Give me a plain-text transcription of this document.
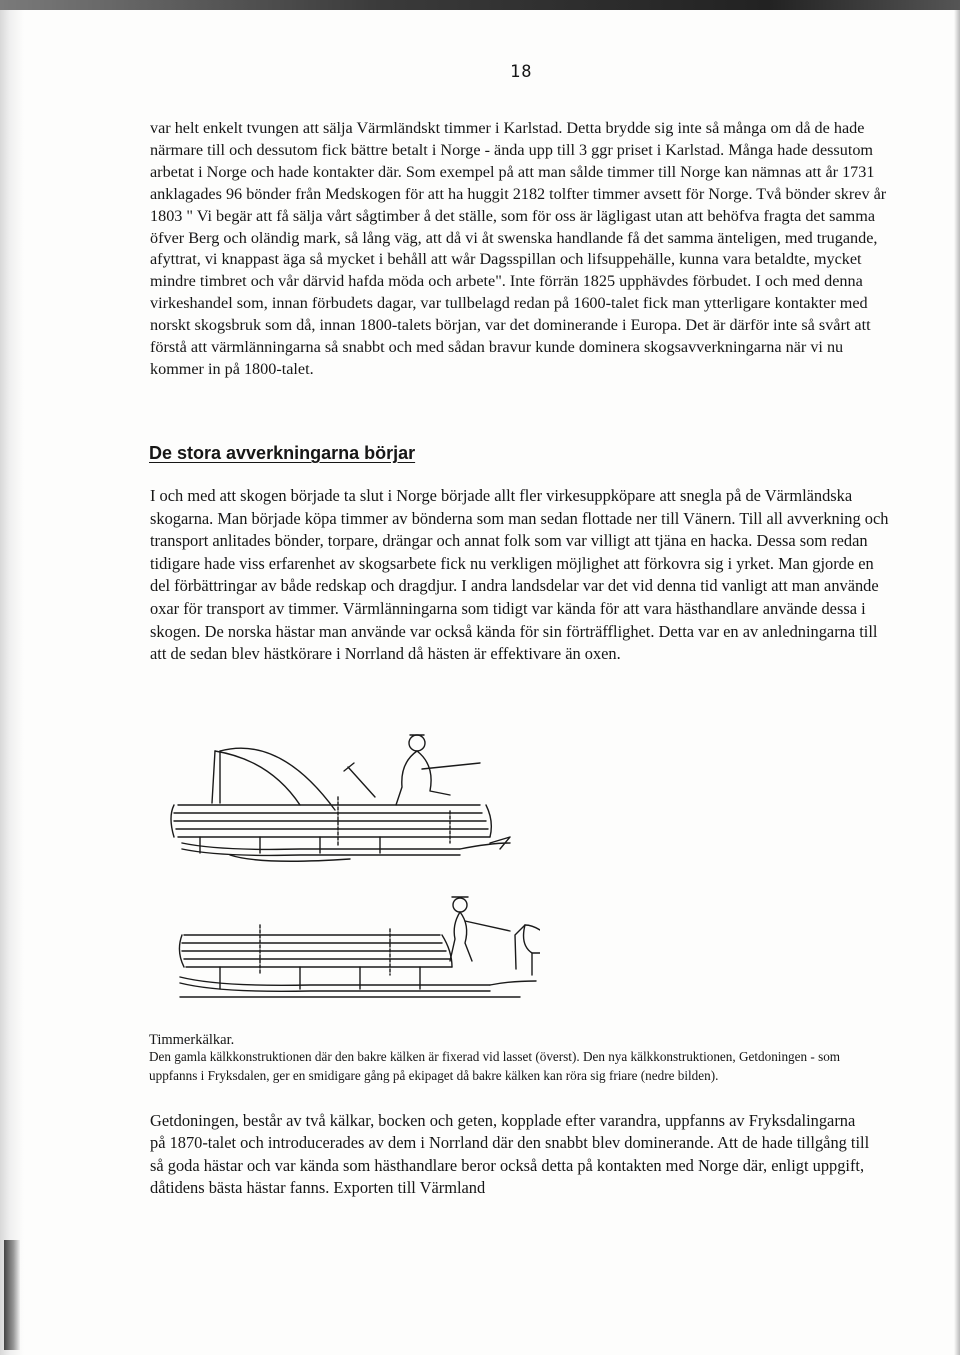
18

var helt enkelt tvungen att sälja Värmländskt timmer i Karlstad. Detta brydde sig inte så många om då de hade närmare till och dessutom fick bättre betalt i Norge - ända upp till 3 ggr priset i Karlstad. Många hade dessutom arbetat i Norge och hade kontakter där. Som exempel på att man sålde timmer till Norge kan nämnas att år 1731 anklagades 96 bönder från Medskogen för att ha huggit 2182 tolfter timmer avsett för Norge. Två bönder skrev år 1803 " Vi begär att få sälja vårt sågtimber å det ställe, som för oss är lägligast utan att behöfva fragta det samma öfver Berg och oländig mark, så lång väg, att då vi åt swenska handlande få det samma änteligen, med trugande, afyttrat, vi knappast äga så mycket i behåll att wår Dagsspillan och lifsuppehälle, kunna vara betaldte, mycket mindre timbret och vår därvid hafda möda och arbete". Inte förrän 1825 upphävdes förbudet. I och med denna virkeshandel som, innan förbudets dagar, var tullbelagd redan på 1600-talet fick man ytterligare kontakter med norskt skogsbruk som då, innan 1800-talets början, var det dominerande i Europa. Det är därför inte så svårt att förstå att värmlänningarna så snabbt och med sådan bravur kunde dominera skogsavverkningarna när vi nu kommer in på 1800-talet.

De stora avverkningarna börjar

I och med att skogen började ta slut i Norge började allt fler virkesuppköpare att snegla på de Värmländska skogarna. Man började köpa timmer av bönderna som man sedan flottade ner till Vänern. Till all avverkning och transport anlitades bönder, torpare, drängar och annat folk som var villigt att tjäna en hacka. Dessa som redan tidigare hade viss erfarenhet av skogsarbete fick nu verkligen möjlighet att förkovra sig i yrket. Man gjorde en del förbättringar av både redskap och dragdjur. I andra landsdelar var det vid denna tid vanligt att man använde oxar för transport av timmer. Värmlänningarna som tidigt var kända för att vara hästhandlare använde dessa i skogen. De norska hästar man använde var också kända för sin förträfflighet. Detta var en av anledningarna till att de sedan blev hästkörare i Norrland då hästen är effektivare än oxen.

Timmerkälkar.

Den gamla kälkkonstruktionen där den bakre kälken är fixerad vid lasset (överst). Den nya kälkkonstruktionen, Getdoningen - som uppfanns i Fryksdalen, ger en smidigare gång på ekipaget då bakre kälken kan röra sig friare (nedre bilden).

Getdoningen, består av två kälkar, bocken och geten, kopplade efter varandra, uppfanns av Fryksdalingarna på 1870-talet och introducerades av dem i Norrland där den snabbt blev dominerande. Att de hade tillgång till så goda hästar och var kända som hästhandlare beror också detta på kontakten med Norge där, enligt uppgift, dåtidens bästa hästar fanns. Exporten till Värmland
